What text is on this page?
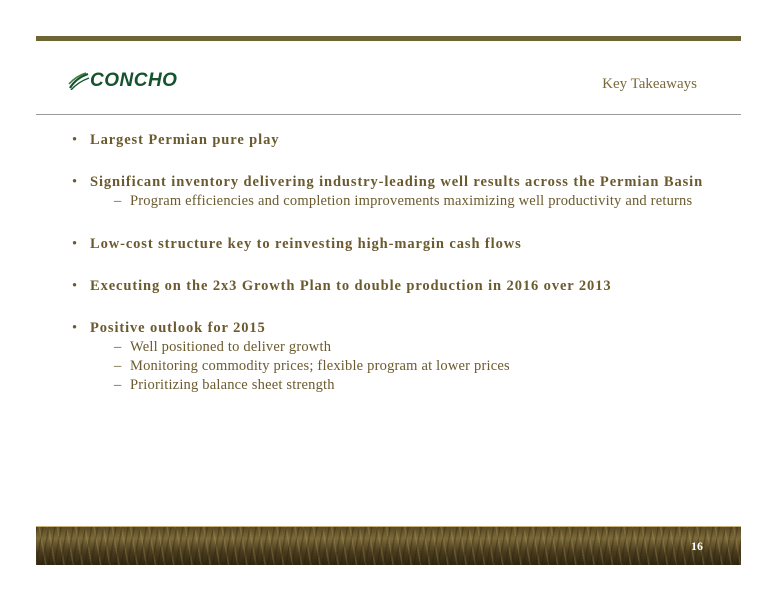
CONCHO	Key Takeaways
• Largest Permian pure play
• Significant inventory delivering industry-leading well results across the Permian Basin
– Program efficiencies and completion improvements maximizing well productivity and returns
• Low-cost structure key to reinvesting high-margin cash flows
• Executing on the 2x3 Growth Plan to double production in 2016 over 2013
• Positive outlook for 2015
– Well positioned to deliver growth
– Monitoring commodity prices; flexible program at lower prices
– Prioritizing balance sheet strength
16
